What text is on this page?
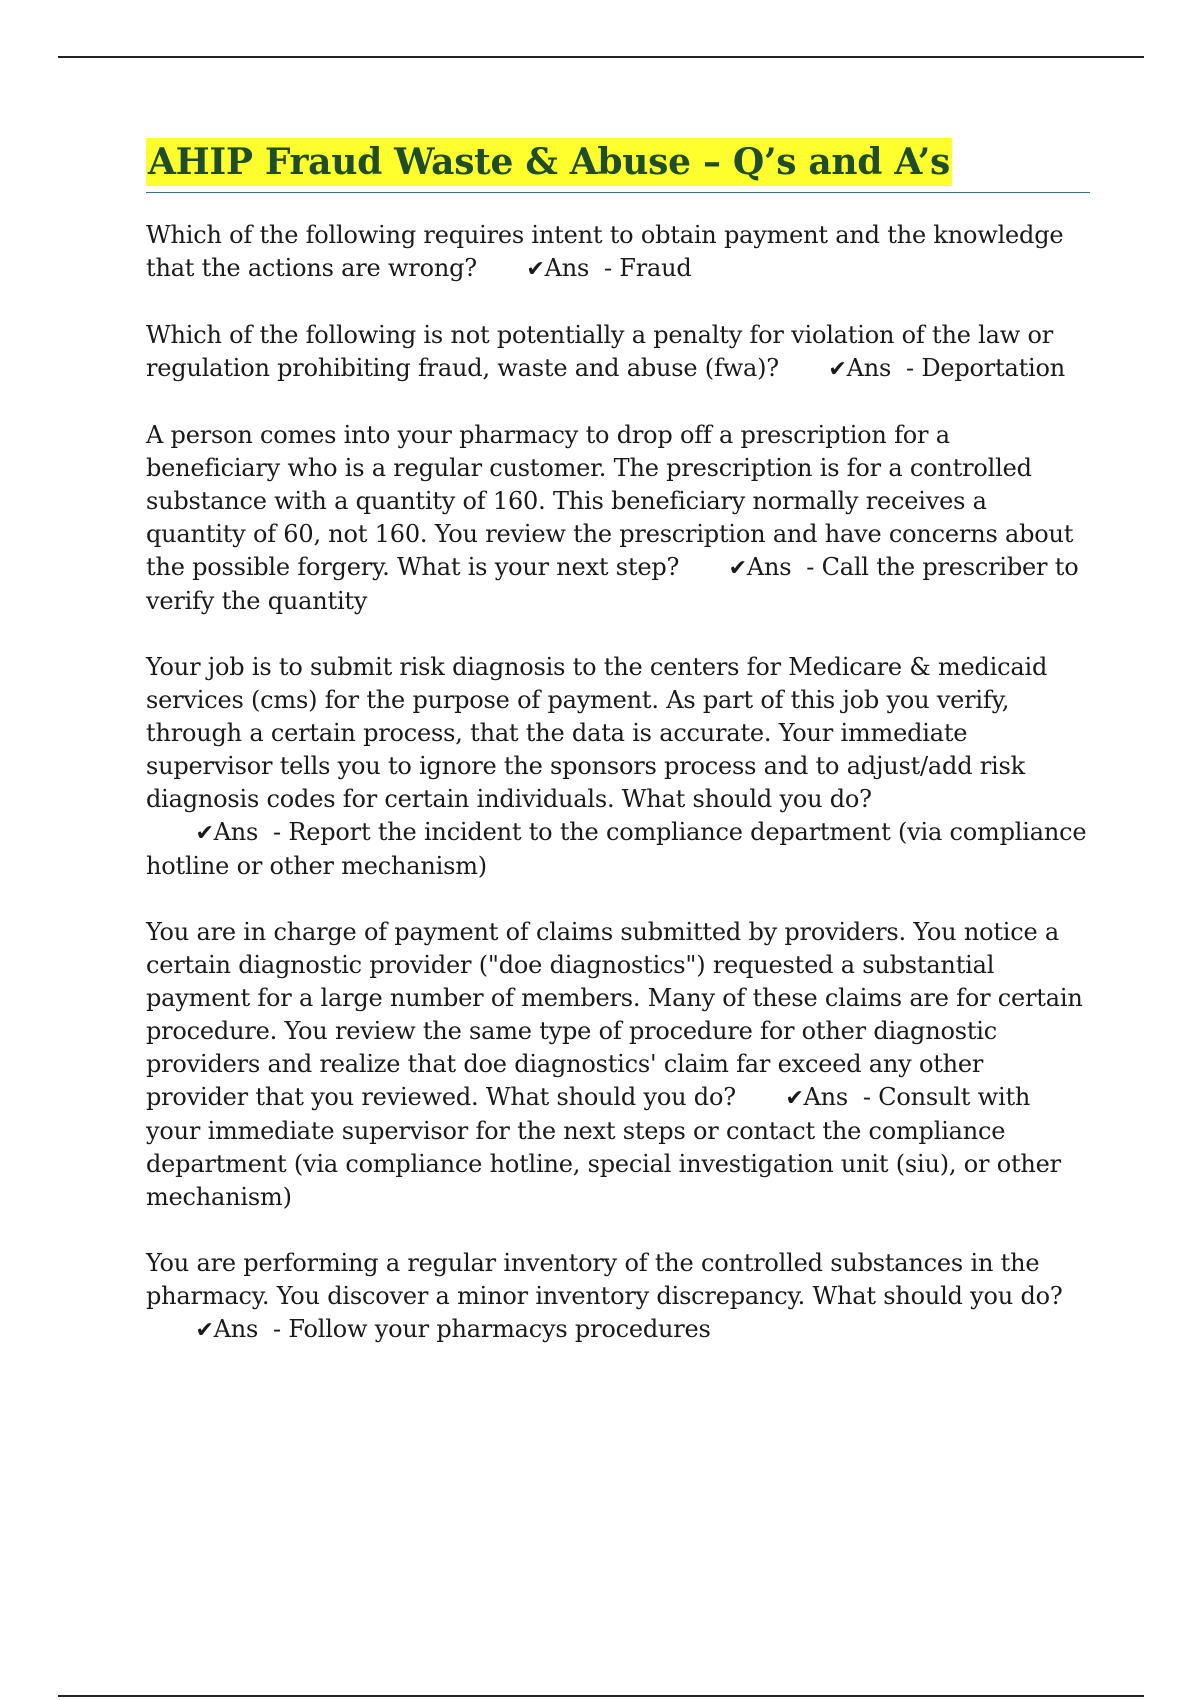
AHIP Fraud Waste & Abuse – Q’s and A’s

Which of the following requires intent to obtain payment and the knowledge that the actions are wrong? ✔Ans  - Fraud

Which of the following is not potentially a penalty for violation of the law or regulation prohibiting fraud, waste and abuse (fwa)? ✔Ans  - Deportation

A person comes into your pharmacy to drop off a prescription for a beneficiary who is a regular customer. The prescription is for a controlled substance with a quantity of 160. This beneficiary normally receives a quantity of 60, not 160. You review the prescription and have concerns about the possible forgery. What is your next step? ✔Ans  - Call the prescriber to verify the quantity

Your job is to submit risk diagnosis to the centers for Medicare & medicaid services (cms) for the purpose of payment. As part of this job you verify, through a certain process, that the data is accurate. Your immediate supervisor tells you to ignore the sponsors process and to adjust/add risk diagnosis codes for certain individuals. What should you do? ✔Ans  - Report the incident to the compliance department (via compliance hotline or other mechanism)

You are in charge of payment of claims submitted by providers. You notice a certain diagnostic provider ("doe diagnostics") requested a substantial payment for a large number of members. Many of these claims are for certain procedure. You review the same type of procedure for other diagnostic providers and realize that doe diagnostics' claim far exceed any other provider that you reviewed. What should you do? ✔Ans  - Consult with your immediate supervisor for the next steps or contact the compliance department (via compliance hotline, special investigation unit (siu), or other mechanism)

You are performing a regular inventory of the controlled substances in the pharmacy. You discover a minor inventory discrepancy. What should you do? ✔Ans  - Follow your pharmacys procedures
